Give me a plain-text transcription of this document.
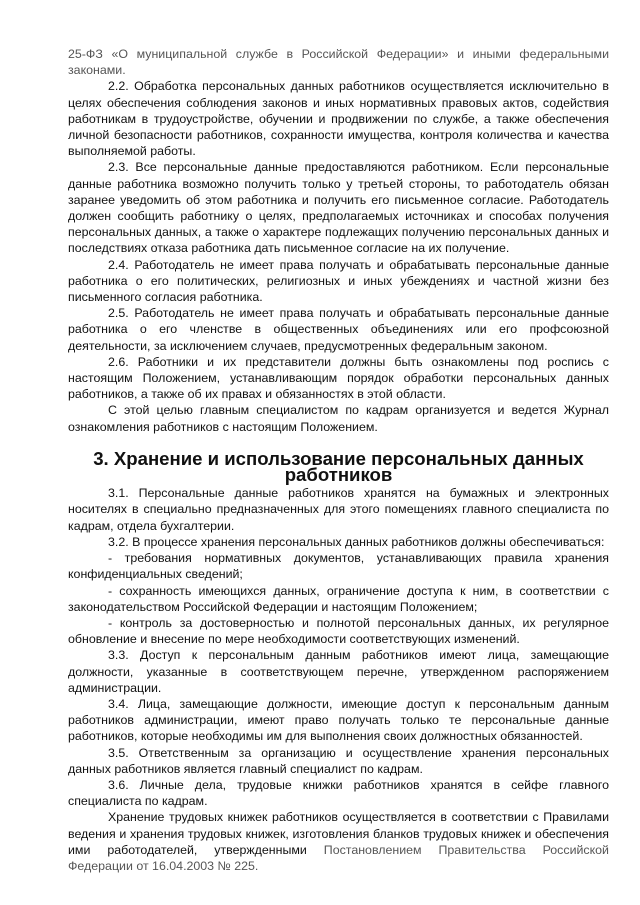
25-ФЗ «О муниципальной службе в Российской Федерации» и иными федеральными законами.

2.2. Обработка персональных данных работников осуществляется исключительно в целях обеспечения соблюдения законов и иных нормативных правовых актов, содействия работникам в трудоустройстве, обучении и продвижении по службе, а также обеспечения личной безопасности работников, сохранности имущества, контроля количества и качества выполняемой работы.

2.3. Все персональные данные предоставляются работником. Если персональные данные работника возможно получить только у третьей стороны, то работодатель обязан заранее уведомить об этом работника и получить его письменное согласие. Работодатель должен сообщить работнику о целях, предполагаемых источниках и способах получения персональных данных, а также о характере подлежащих получению персональных данных и последствиях отказа работника дать письменное согласие на их получение.

2.4. Работодатель не имеет права получать и обрабатывать персональные данные работника о его политических, религиозных и иных убеждениях и частной жизни без письменного согласия работника.

2.5. Работодатель не имеет права получать и обрабатывать персональные данные работника о его членстве в общественных объединениях или его профсоюзной деятельности, за исключением случаев, предусмотренных федеральным законом.

2.6. Работники и их представители должны быть ознакомлены под роспись с настоящим Положением, устанавливающим порядок обработки персональных данных работников, а также об их правах и обязанностях в этой области.

С этой целью главным специалистом по кадрам организуется и ведется Журнал ознакомления работников с настоящим Положением.

3. Хранение и использование персональных данных работников

3.1. Персональные данные работников хранятся на бумажных и электронных носителях в специально предназначенных для этого помещениях главного специалиста по кадрам, отдела бухгалтерии.

3.2. В процессе хранения персональных данных работников должны обеспечиваться:

- требования нормативных документов, устанавливающих правила хранения конфиденциальных сведений;

- сохранность имеющихся данных, ограничение доступа к ним, в соответствии с законодательством Российской Федерации и настоящим Положением;

- контроль за достоверностью и полнотой персональных данных, их регулярное обновление и внесение по мере необходимости соответствующих изменений.

3.3. Доступ к персональным данным работников имеют лица, замещающие должности, указанные в соответствующем перечне, утвержденном распоряжением администрации.

3.4. Лица, замещающие должности, имеющие доступ к персональным данным работников администрации, имеют право получать только те персональные данные работников, которые необходимы им для выполнения своих должностных обязанностей.

3.5. Ответственным за организацию и осуществление хранения персональных данных работников является главный специалист по кадрам.

3.6. Личные дела, трудовые книжки работников хранятся в сейфе главного специалиста по кадрам.

Хранение трудовых книжек работников осуществляется в соответствии с Правилами ведения и хранения трудовых книжек, изготовления бланков трудовых книжек и обеспечения ими работодателей, утвержденными Постановлением Правительства Российской Федерации от 16.04.2003 № 225.
